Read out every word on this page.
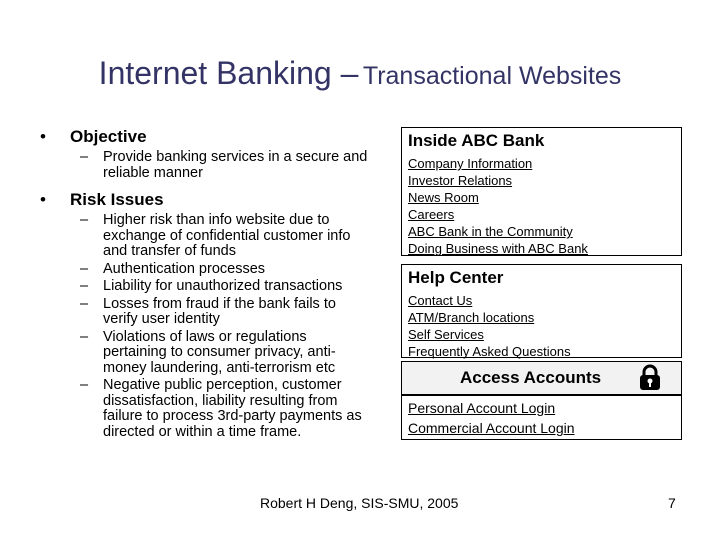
Internet Banking – Transactional Websites
• Objective
– Provide banking services in a secure and reliable manner
• Risk Issues
– Higher risk than info website due to exchange of confidential customer info and transfer of funds
– Authentication processes
– Liability for unauthorized transactions
– Losses from fraud if the bank fails to verify user identity
– Violations of laws or regulations pertaining to consumer privacy, anti-money laundering, anti-terrorism etc
– Negative public perception, customer dissatisfaction, liability resulting from failure to process 3rd-party payments as directed or within a time frame.
Inside ABC Bank
Company Information
Investor Relations
News Room
Careers
ABC Bank in the Community
Doing Business with ABC Bank
Help Center
Contact Us
ATM/Branch locations
Self Services
Frequently Asked Questions
Access Accounts
Personal Account Login
Commercial Account Login
Robert H Deng, SIS-SMU, 2005	7
